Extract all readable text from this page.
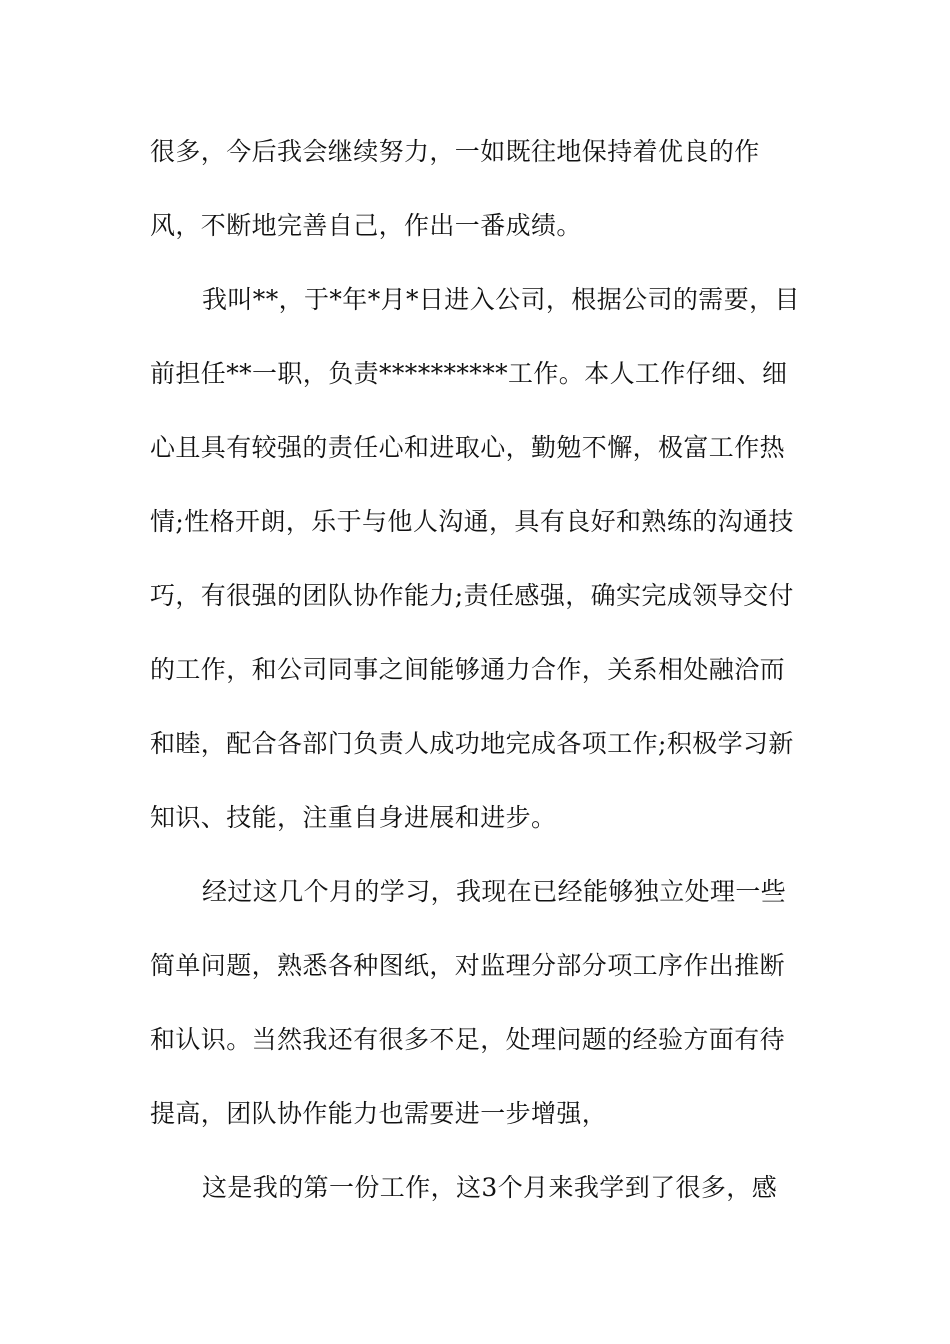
很多，今后我会继续努力，一如既往地保持着优良的作
风，不断地完善自己，作出一番成绩。
我叫**，于*年*月*日进入公司，根据公司的需要，目
前担任**一职，负责**********工作。本人工作仔细、细
心且具有较强的责任心和进取心，勤勉不懈，极富工作热
情;性格开朗，乐于与他人沟通，具有良好和熟练的沟通技
巧，有很强的团队协作能力;责任感强，确实完成领导交付
的工作，和公司同事之间能够通力合作，关系相处融洽而
和睦，配合各部门负责人成功地完成各项工作;积极学习新
知识、技能，注重自身进展和进步。
经过这几个月的学习，我现在已经能够独立处理一些
简单问题，熟悉各种图纸，对监理分部分项工序作出推断
和认识。当然我还有很多不足，处理问题的经验方面有待
提高，团队协作能力也需要进一步增强，
这是我的第一份工作，这3个月来我学到了很多，感
